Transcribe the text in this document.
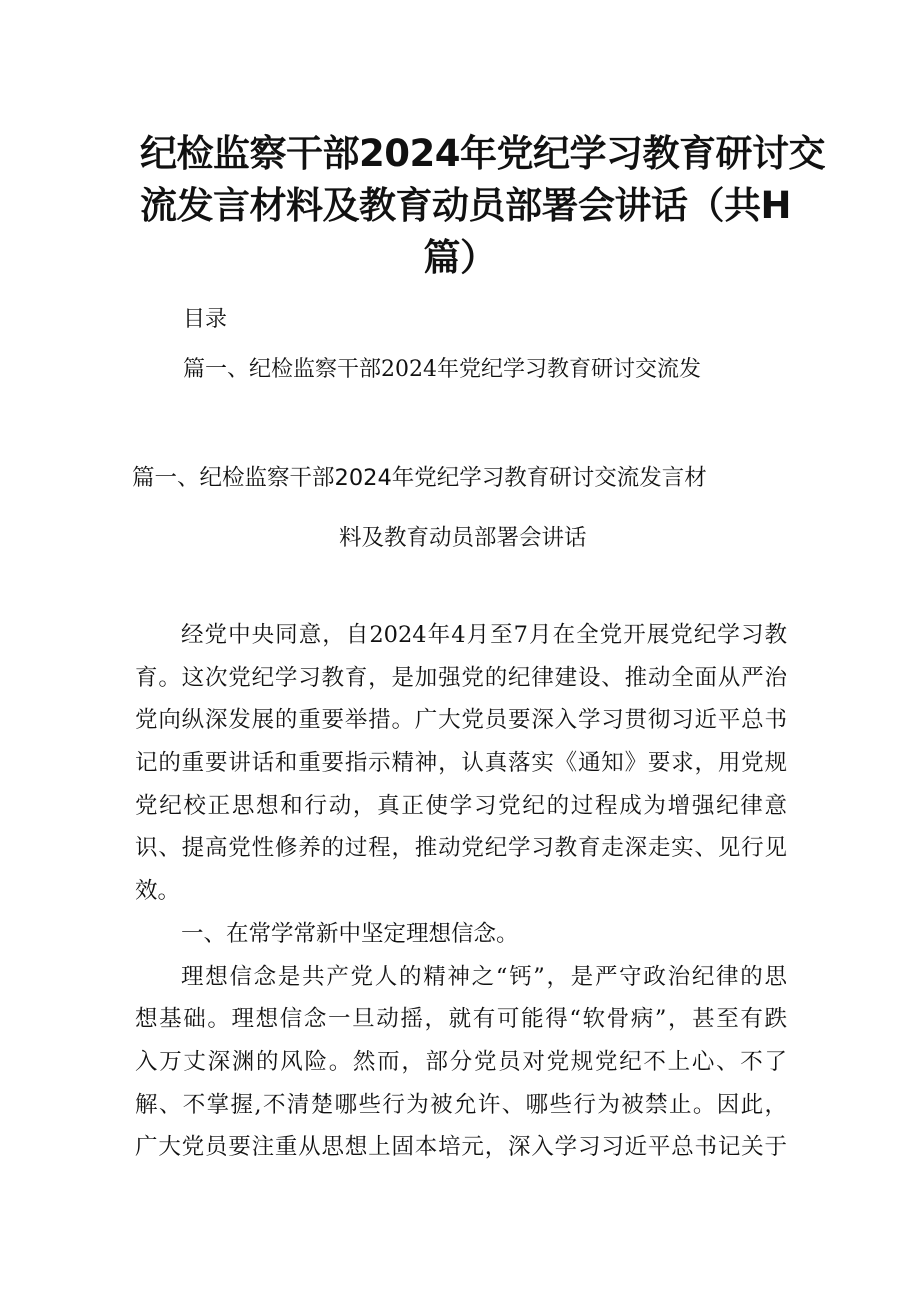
纪检监察干部2024年党纪学习教育研讨交
流发言材料及教育动员部署会讲话（共H
篇）
目录
篇一、纪检监察干部2024年党纪学习教育研讨交流发
篇一、纪检监察干部2024年党纪学习教育研讨交流发言材
料及教育动员部署会讲话
经党中央同意，自2024年4月至7月在全党开展党纪学习教
育。这次党纪学习教育，是加强党的纪律建设、推动全面从严治
党向纵深发展的重要举措。广大党员要深入学习贯彻习近平总书
记的重要讲话和重要指示精神，认真落实《通知》要求，用党规
党纪校正思想和行动，真正使学习党纪的过程成为增强纪律意
识、提高党性修养的过程，推动党纪学习教育走深走实、见行见
效。
一、在常学常新中坚定理想信念。
理想信念是共产党人的精神之“钙”，是严守政治纪律的思
想基础。理想信念一旦动摇，就有可能得“软骨病”，甚至有跌
入万丈深渊的风险。然而，部分党员对党规党纪不上心、不了
解、不掌握,不清楚哪些行为被允许、哪些行为被禁止。因此，
广大党员要注重从思想上固本培元，深入学习习近平总书记关于
